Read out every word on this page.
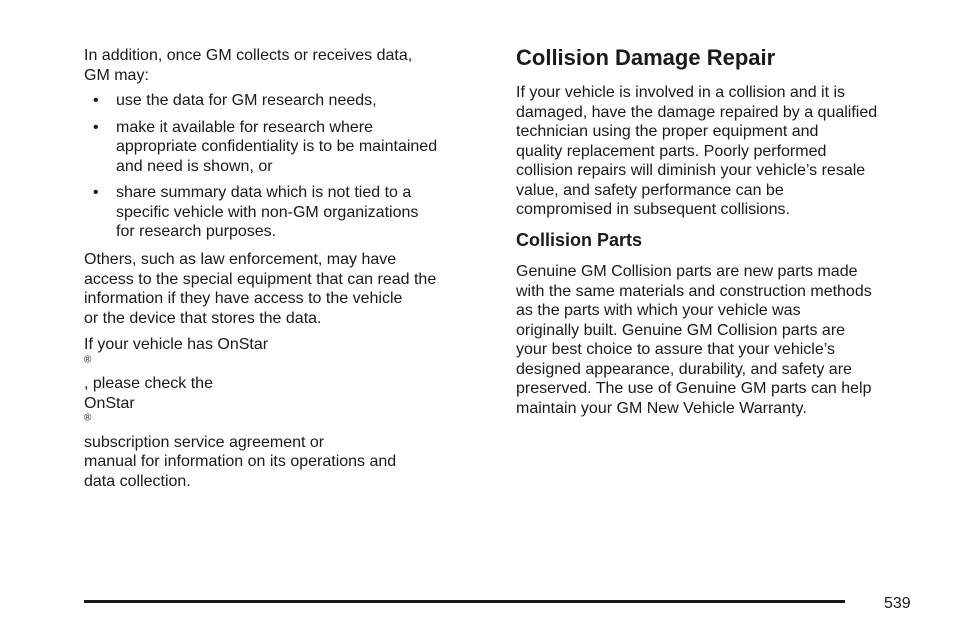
In addition, once GM collects or receives data,
GM may:

• use the data for GM research needs,
• make it available for research where
appropriate confidentiality is to be maintained
and need is shown, or
• share summary data which is not tied to a
specific vehicle with non-GM organizations
for research purposes.

Others, such as law enforcement, may have
access to the special equipment that can read the
information if they have access to the vehicle
or the device that stores the data.

If your vehicle has OnStar
®
, please check the
OnStar
®
subscription service agreement or
manual for information on its operations and
data collection.

Collision Damage Repair

If your vehicle is involved in a collision and it is
damaged, have the damage repaired by a qualified
technician using the proper equipment and
quality replacement parts. Poorly performed
collision repairs will diminish your vehicle’s resale
value, and safety performance can be
compromised in subsequent collisions.

Collision Parts

Genuine GM Collision parts are new parts made
with the same materials and construction methods
as the parts with which your vehicle was
originally built. Genuine GM Collision parts are
your best choice to assure that your vehicle’s
designed appearance, durability, and safety are
preserved. The use of Genuine GM parts can help
maintain your GM New Vehicle Warranty.

539
